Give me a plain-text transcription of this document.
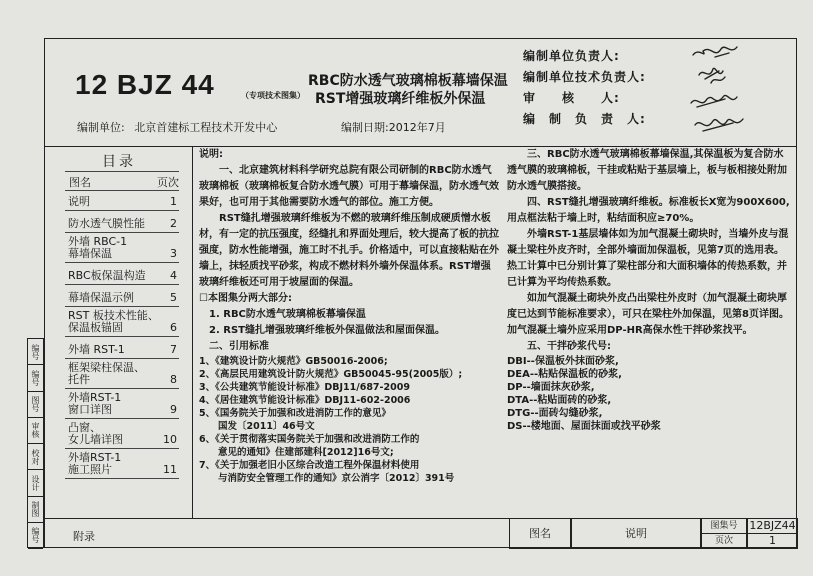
12 BJZ 44	（专项技术图集）
RBC防水透气玻璃棉板幕墙保温
RST增强玻璃纤维板外保温
编制单位: 北京首建标工程技术开发中心	编制日期:2012年7月
编制单位负责人:
编制单位技术负责人:
审　　核　　人:
编　制　负　责　人:
目录
图名	页次
说明	1
防水透气膜性能 2
外墙 RBC-1
幕墙保温	3
RBC板保温构造 4
幕墙保温示例	5
RST 板技术性能、
保温板锚固	6
外墙 RST-1	7
框架梁柱保温、
托件	8
外墙RST-1
窗口详图	9
凸窗、
女儿墙详图	10
外墙RST-1
施工照片	11

说明:

一、北京建筑材料科学研究总院有限公司研制的RBC防水透气玻璃棉板（玻璃棉板复合防水透气膜）可用于幕墙保温，防水透气效果好，也可用于其他需要防水透气的部位。施工方便。

RST缝扎增强玻璃纤维板为不燃的玻璃纤维压制成硬质憎水板材，有一定的抗压强度，经缝扎和界面处理后，较大提高了板的抗拉强度，防水性能增强，施工时不扎手。价格适中，可以直接粘贴在外墙上，抹轻质找平砂浆，构成不燃材料外墙外保温体系。RST增强玻璃纤维板还可用于坡屋面的保温。

☐本图集分两大部分:

1. RBC防水透气玻璃棉板幕墙保温

2. RST缝扎增强玻璃纤维板外保温做法和屋面保温。

二、引用标准

1、《建筑设计防火规范》GB50016-2006;
2、《高层民用建筑设计防火规范》GB50045-95(2005版）;
3、《公共建筑节能设计标准》DBJ11/687-2009
4、《居住建筑节能设计标准》DBJ11-602-2006
5、《国务院关于加强和改进消防工作的意见》
　　国发〔2011〕46号文
6、《关于贯彻落实国务院关于加强和改进消防工作的
　　意见的通知》住建部建科[2012]16号文;
7、《关于加强老旧小区综合改造工程外保温材料使用
　　与消防安全管理工作的通知》京公消字〔2012〕391号

三、RBC防水透气玻璃棉板幕墙保温,其保温板为复合防水透气膜的玻璃棉板，干挂或粘贴于基层墙上，板与板相接处附加防水透气膜搭接。

四、RST缝扎增强玻璃纤维板。标准板长X宽为900X600,用点框法粘于墙上时，粘结面积应≥70%。

外墙RST-1基层墙体如为加气混凝土砌块时，当墙外皮与混凝土梁柱外皮齐时，全部外墙面加保温板，见第7页的选用表。热工计算中已分别计算了梁柱部分和大面积墙体的传热系数，并已计算为平均传热系数。

如加气混凝土砌块外皮凸出梁柱外皮时（加气混凝土砌块厚度已达到节能标准要求），可只在梁柱外加保温，见第8页详图。加气混凝土墙外应采用DP-HR高保水性干拌砂浆找平。

五、干拌砂浆代号:

DBI--保温板外抹面砂浆,
DEA--粘贴保温板的砂浆,
DP--墙面抹灰砂浆,
DTA--粘贴面砖的砂浆,
DTG--面砖勾缝砂浆,
DS--楼地面、屋面抹面或找平砂浆
附录	图名	说明
图集号	12BJZ44
页次	1
编号
编号
图号
审核
校对
设计
制图
编号
